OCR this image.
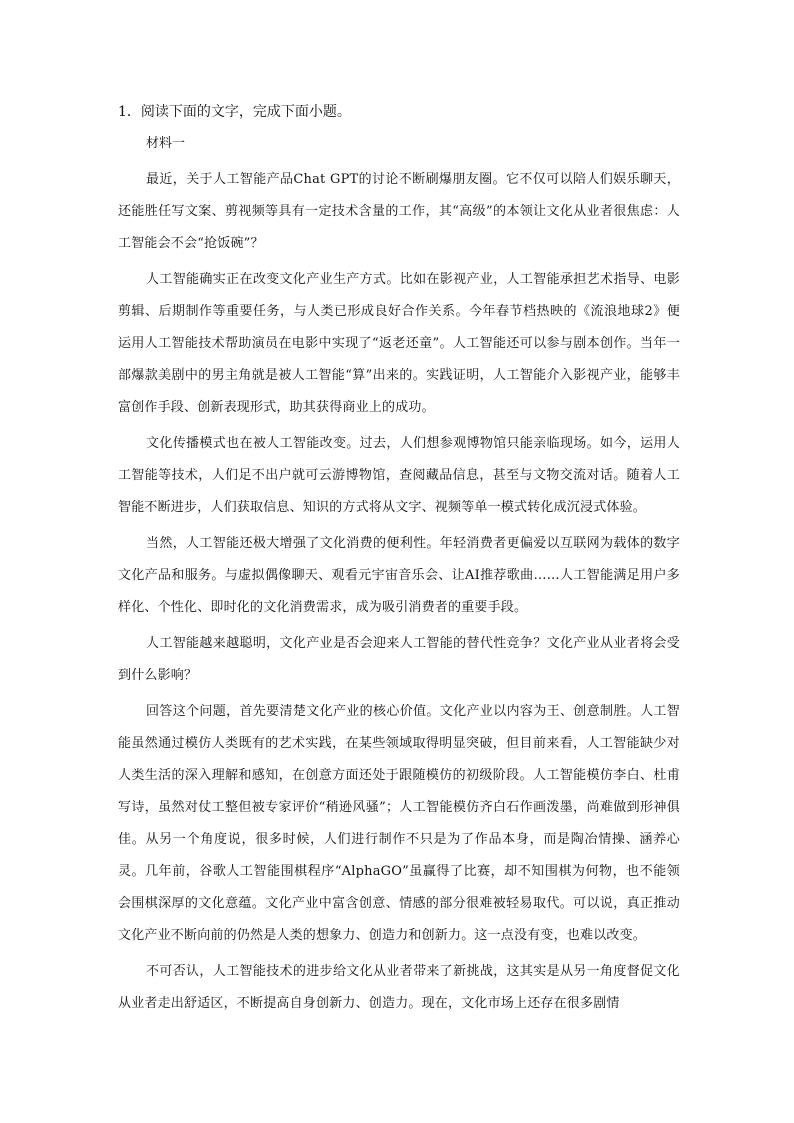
1．阅读下面的文字，完成下面小题。

材料一

最近，关于人工智能产品Chat GPT的讨论不断刷爆朋友圈。它不仅可以陪人们娱乐聊天，还能胜任写文案、剪视频等具有一定技术含量的工作，其“高级”的本领让文化从业者很焦虑：人工智能会不会“抢饭碗”？

人工智能确实正在改变文化产业生产方式。比如在影视产业，人工智能承担艺术指导、电影剪辑、后期制作等重要任务，与人类已形成良好合作关系。今年春节档热映的《流浪地球2》便运用人工智能技术帮助演员在电影中实现了“返老还童”。人工智能还可以参与剧本创作。当年一部爆款美剧中的男主角就是被人工智能“算”出来的。实践证明，人工智能介入影视产业，能够丰富创作手段、创新表现形式，助其获得商业上的成功。

文化传播模式也在被人工智能改变。过去，人们想参观博物馆只能亲临现场。如今，运用人工智能等技术，人们足不出户就可云游博物馆，查阅藏品信息，甚至与文物交流对话。随着人工智能不断进步，人们获取信息、知识的方式将从文字、视频等单一模式转化成沉浸式体验。

当然，人工智能还极大增强了文化消费的便利性。年轻消费者更偏爱以互联网为载体的数字文化产品和服务。与虚拟偶像聊天、观看元宇宙音乐会、让AI推荐歌曲……人工智能满足用户多样化、个性化、即时化的文化消费需求，成为吸引消费者的重要手段。

人工智能越来越聪明，文化产业是否会迎来人工智能的替代性竞争？文化产业从业者将会受到什么影响？

回答这个问题，首先要清楚文化产业的核心价值。文化产业以内容为王、创意制胜。人工智能虽然通过模仿人类既有的艺术实践，在某些领域取得明显突破，但目前来看，人工智能缺少对人类生活的深入理解和感知，在创意方面还处于跟随模仿的初级阶段。人工智能模仿李白、杜甫写诗，虽然对仗工整但被专家评价“稍逊风骚”；人工智能模仿齐白石作画泼墨，尚难做到形神俱佳。从另一个角度说，很多时候，人们进行制作不只是为了作品本身，而是陶冶情操、涵养心灵。几年前，谷歌人工智能围棋程序“AlphaGO”虽赢得了比赛，却不知围棋为何物，也不能领会围棋深厚的文化意蕴。文化产业中富含创意、情感的部分很难被轻易取代。可以说，真正推动文化产业不断向前的仍然是人类的想象力、创造力和创新力。这一点没有变，也难以改变。

不可否认，人工智能技术的进步给文化从业者带来了新挑战，这其实是从另一角度督促文化从业者走出舒适区，不断提高自身创新力、创造力。现在，文化市场上还存在很多剧情
